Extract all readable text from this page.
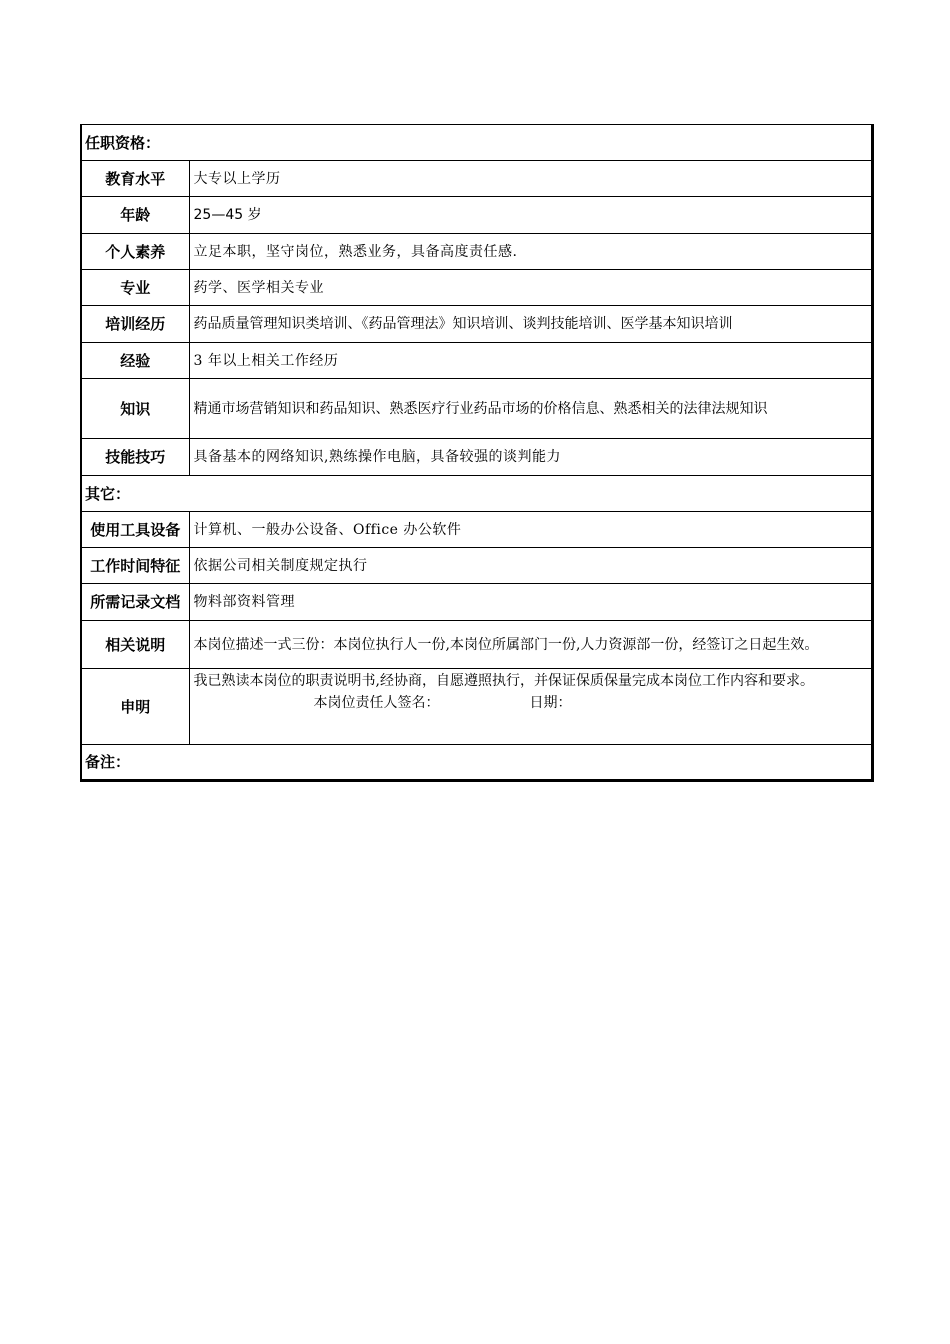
任职资格：	
教育水平	大专以上学历
年龄	25—45 岁
个人素养	立足本职，坚守岗位，熟悉业务，具备高度责任感.
专业	药学、医学相关专业
培训经历	药品质量管理知识类培训、《药品管理法》知识培训、谈判技能培训、医学基本知识培训
经验	3 年以上相关工作经历
知识	精通市场营销知识和药品知识、熟悉医疗行业药品市场的价格信息、熟悉相关的法律法规知识
技能技巧	具备基本的网络知识,熟练操作电脑，具备较强的谈判能力
其它：	
使用工具设备	计算机、一般办公设备、Office 办公软件
工作时间特征	依据公司相关制度规定执行
所需记录文档	物料部资料管理
相关说明	本岗位描述一式三份：本岗位执行人一份,本岗位所属部门一份,人力资源部一份，经签订之日起生效。
申明	我已熟读本岗位的职责说明书,经协商，自愿遵照执行，并保证保质保量完成本岗位工作内容和要求。
本岗位责任人签名： 日期：

备注：	
